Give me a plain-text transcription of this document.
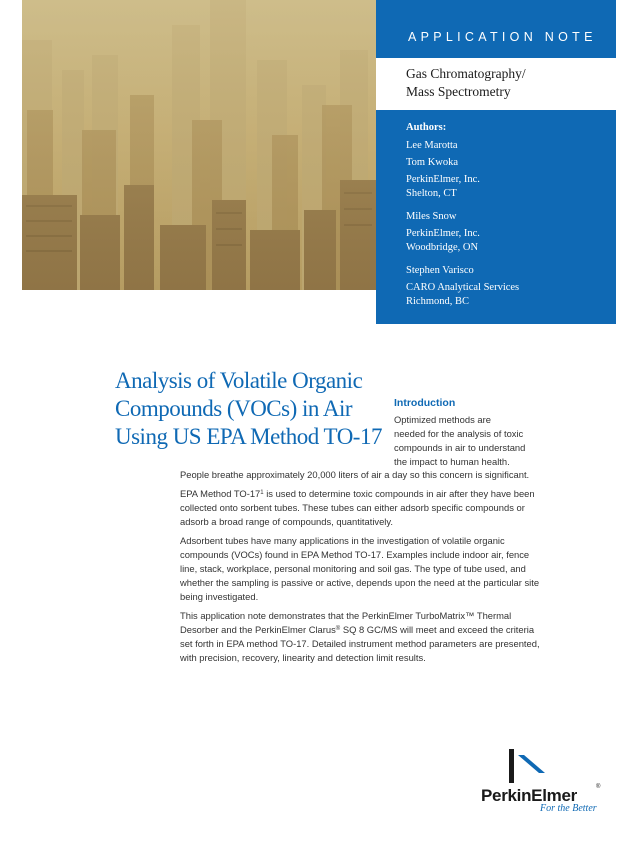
APPLICATION NOTE
Gas Chromatography/
Mass Spectrometry
Authors:
Lee Marotta
Tom Kwoka
PerkinElmer, Inc.
Shelton, CT
Miles Snow
PerkinElmer, Inc.
Woodbridge, ON
Stephen Varisco
CARO Analytical Services
Richmond, BC
Analysis of Volatile Organic
Compounds (VOCs) in Air
Using US EPA Method TO-17
Introduction
Optimized methods are
needed for the analysis of toxic
compounds in air to understand
the impact to human health.
People breathe approximately 20,000 liters of air a day so this concern is significant.
EPA Method $TO-17^1$ is used to determine toxic compounds in air after they have been
collected onto sorbent tubes. These tubes can either adsorb specific compounds or
adsorb a broad range of compounds, quantitatively.
Adsorbent tubes have many applications in the investigation of volatile organic
compounds (VOCs) found in EPA Method TO-17. Examples include indoor air, fence
line, stack, workplace, personal monitoring and soil gas. The type of tube used, and
whether the sampling is passive or active, depends upon the need at the particular site
being investigated.
This application note demonstrates that the PerkinElmer TurboMatrix™ Thermal
Desorber and the PerkinElmer Clarus® SQ 8 GC/MS will meet and exceed the criteria
set forth in EPA method TO-17. Detailed instrument method parameters are presented,
with precision, recovery, linearity and detection limit results.
PerkinElmer	®
For the Better
